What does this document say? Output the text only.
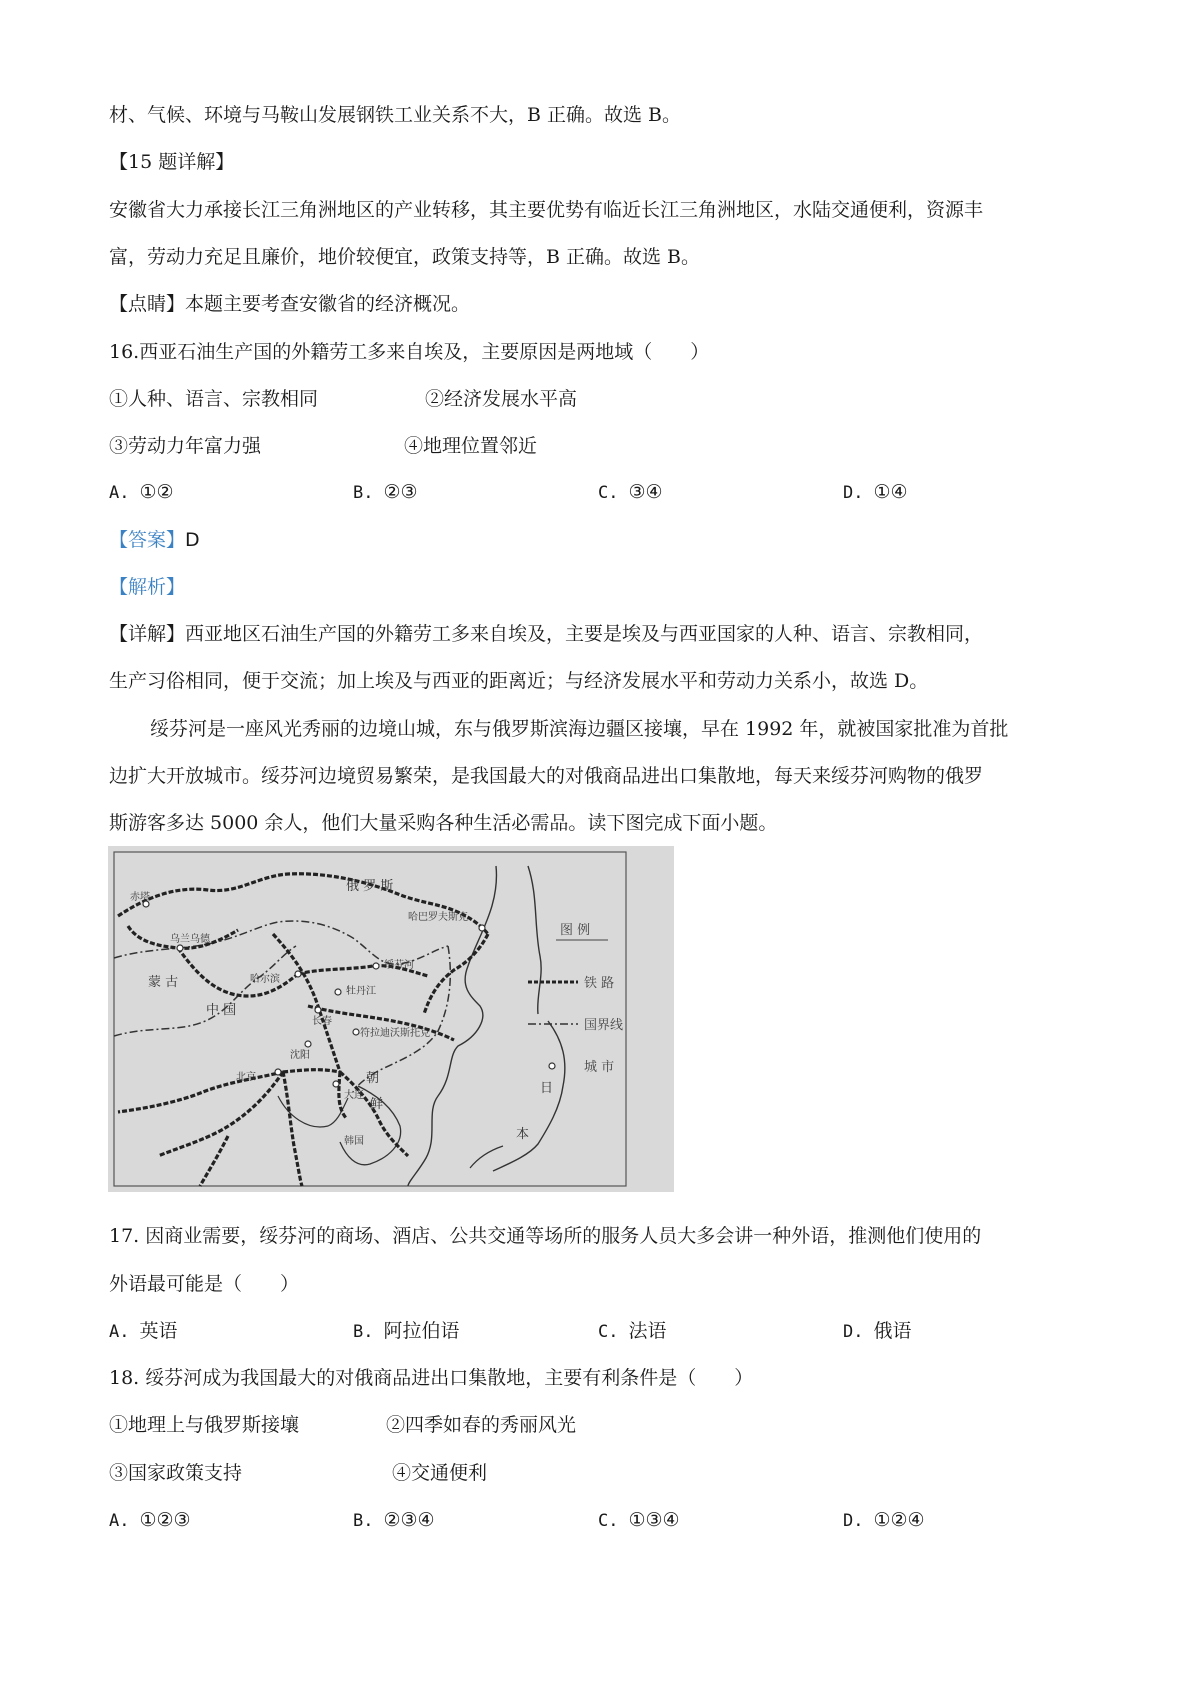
材、气候、环境与马鞍山发展钢铁工业关系不大，B 正确。故选 B。
【15 题详解】
安徽省大力承接长江三角洲地区的产业转移，其主要优势有临近长江三角洲地区，水陆交通便利，资源丰
富，劳动力充足且廉价，地价较便宜，政策支持等，B 正确。故选 B。
【点睛】本题主要考查安徽省的经济概况。
16.西亚石油生产国的外籍劳工多来自埃及，主要原因是两地域（　　）
①人种、语言、宗教相同	②经济发展水平高
③劳动力年富力强	④地理位置邻近
A. ①②	B. ②③	C. ③④	D. ①④
【答案】D
【解析】
【详解】西亚地区石油生产国的外籍劳工多来自埃及，主要是埃及与西亚国家的人种、语言、宗教相同，
生产习俗相同，便于交流；加上埃及与西亚的距离近；与经济发展水平和劳动力关系小，故选 D。
绥芬河是一座风光秀丽的边境山城，东与俄罗斯滨海边疆区接壤，早在 1992 年，就被国家批准为首批
边扩大开放城市。绥芬河边境贸易繁荣，是我国最大的对俄商品进出口集散地，每天来绥芬河购物的俄罗
斯游客多达 5000 余人，他们大量采购各种生活必需品。读下图完成下面小题。
俄 罗 斯
蒙 古
中 国
日
本
韩国
赤塔
乌兰乌德
哈巴罗夫斯克
绥芬河
牡丹江
哈尔滨
长春
沈阳
大连
北京
符拉迪沃斯托克
朝
鲜
图 例
铁 路
国界线
城 市
17. 因商业需要，绥芬河的商场、酒店、公共交通等场所的服务人员大多会讲一种外语，推测他们使用的
外语最可能是（　　）
A. 英语	B. 阿拉伯语	C. 法语	D. 俄语
18. 绥芬河成为我国最大的对俄商品进出口集散地，主要有利条件是（　　）
①地理上与俄罗斯接壤	②四季如春的秀丽风光
③国家政策支持	④交通便利
A. ①②③	B. ②③④	C. ①③④	D. ①②④
